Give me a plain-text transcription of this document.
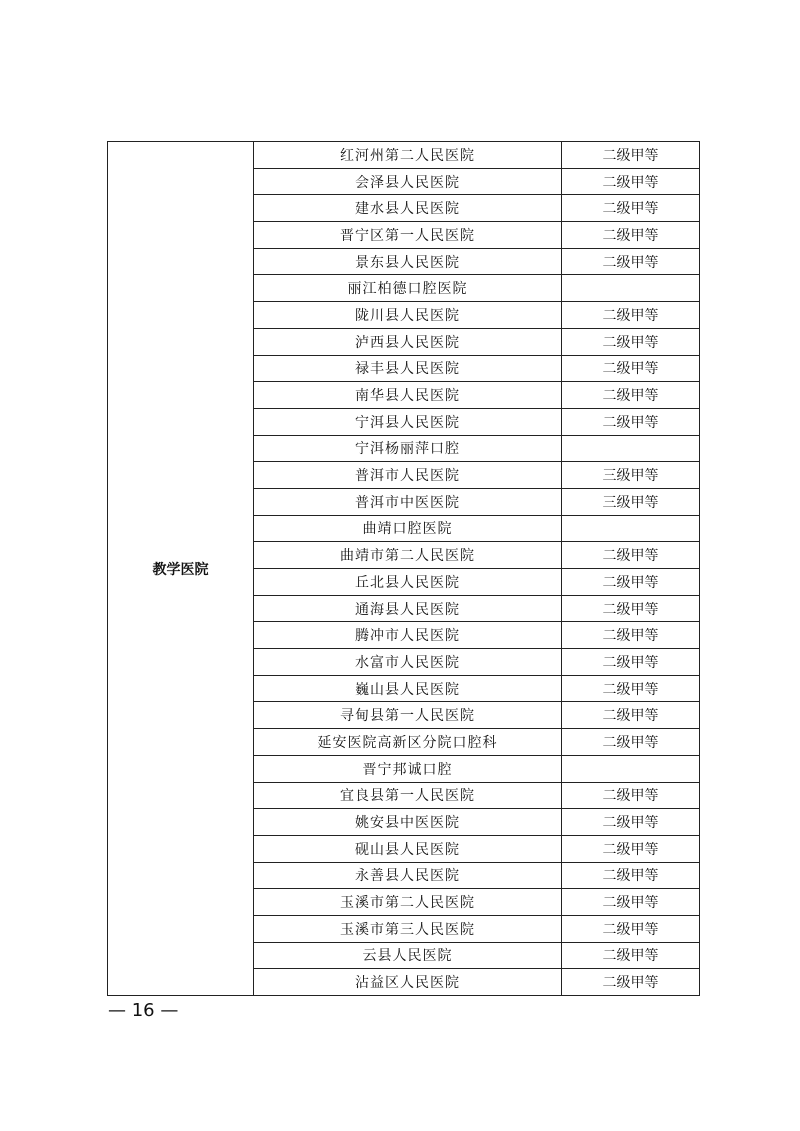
教学医院	红河州第二人民医院	二级甲等
	会泽县人民医院	二级甲等
	建水县人民医院	二级甲等
	晋宁区第一人民医院	二级甲等
	景东县人民医院	二级甲等
	丽江柏德口腔医院	
	陇川县人民医院	二级甲等
	泸西县人民医院	二级甲等
	禄丰县人民医院	二级甲等
	南华县人民医院	二级甲等
	宁洱县人民医院	二级甲等
	宁洱杨丽萍口腔	
	普洱市人民医院	三级甲等
	普洱市中医医院	三级甲等
	曲靖口腔医院	
	曲靖市第二人民医院	二级甲等
	丘北县人民医院	二级甲等
	通海县人民医院	二级甲等
	腾冲市人民医院	二级甲等
	水富市人民医院	二级甲等
	巍山县人民医院	二级甲等
	寻甸县第一人民医院	二级甲等
	延安医院高新区分院口腔科	二级甲等
	晋宁邦诚口腔	
	宜良县第一人民医院	二级甲等
	姚安县中医医院	二级甲等
	砚山县人民医院	二级甲等
	永善县人民医院	二级甲等
	玉溪市第二人民医院	二级甲等
	玉溪市第三人民医院	二级甲等
	云县人民医院	二级甲等
	沾益区人民医院	二级甲等
— 16 —
